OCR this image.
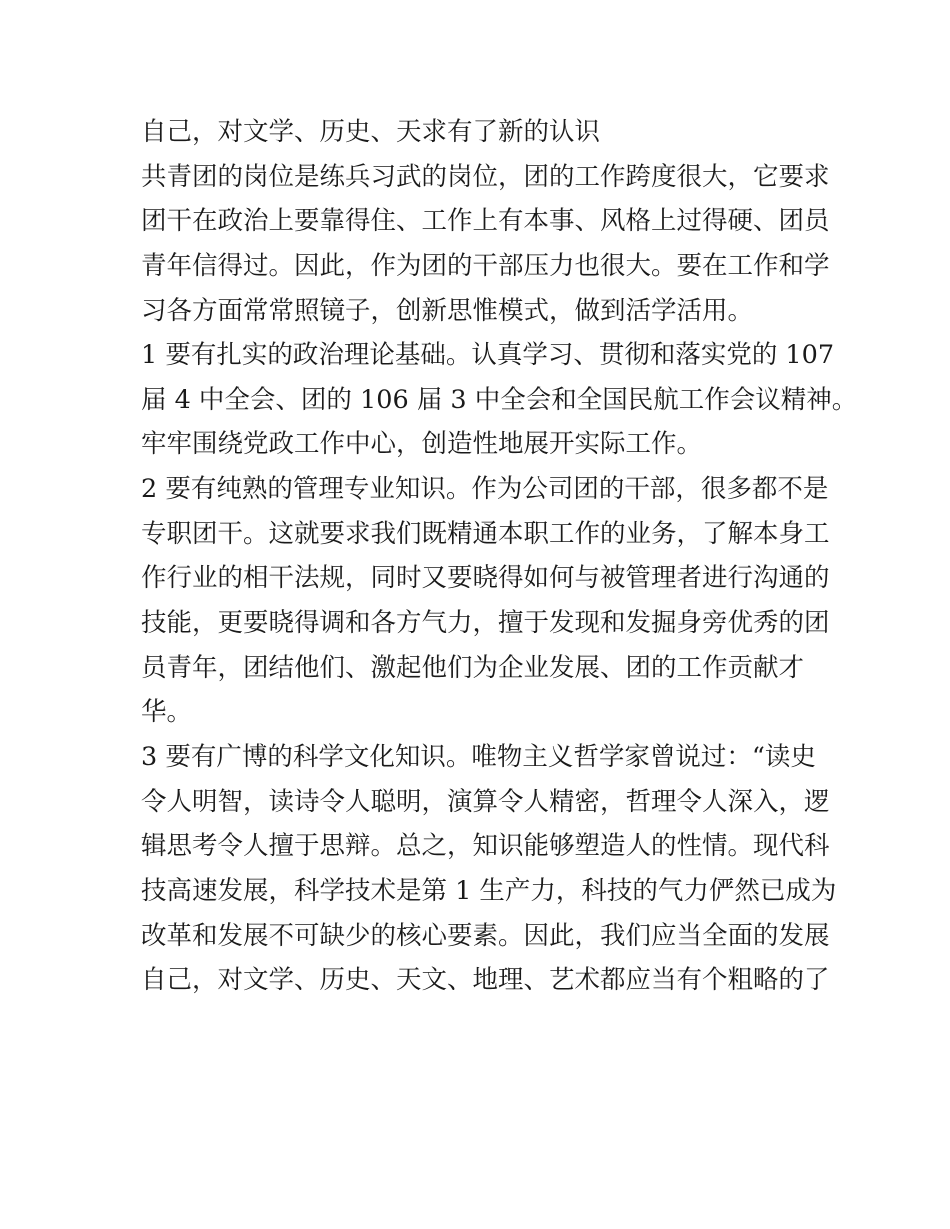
自己，对文学、历史、天求有了新的认识
共青团的岗位是练兵习武的岗位，团的工作跨度很大，它要求
团干在政治上要靠得住、工作上有本事、风格上过得硬、团员
青年信得过。因此，作为团的干部压力也很大。要在工作和学
习各方面常常照镜子，创新思惟模式，做到活学活用。
1 要有扎实的政治理论基础。认真学习、贯彻和落实党的 107
届 4 中全会、团的 106 届 3 中全会和全国民航工作会议精神。
牢牢围绕党政工作中心，创造性地展开实际工作。
2 要有纯熟的管理专业知识。作为公司团的干部，很多都不是
专职团干。这就要求我们既精通本职工作的业务，了解本身工
作行业的相干法规，同时又要晓得如何与被管理者进行沟通的
技能，更要晓得调和各方气力，擅于发现和发掘身旁优秀的团
员青年，团结他们、激起他们为企业发展、团的工作贡献才
华。
3 要有广博的科学文化知识。唯物主义哲学家曾说过：“读史
令人明智，读诗令人聪明，演算令人精密，哲理令人深入，逻
辑思考令人擅于思辩。总之，知识能够塑造人的性情。现代科
技高速发展，科学技术是第 1 生产力，科技的气力俨然已成为
改革和发展不可缺少的核心要素。因此，我们应当全面的发展
自己，对文学、历史、天文、地理、艺术都应当有个粗略的了
